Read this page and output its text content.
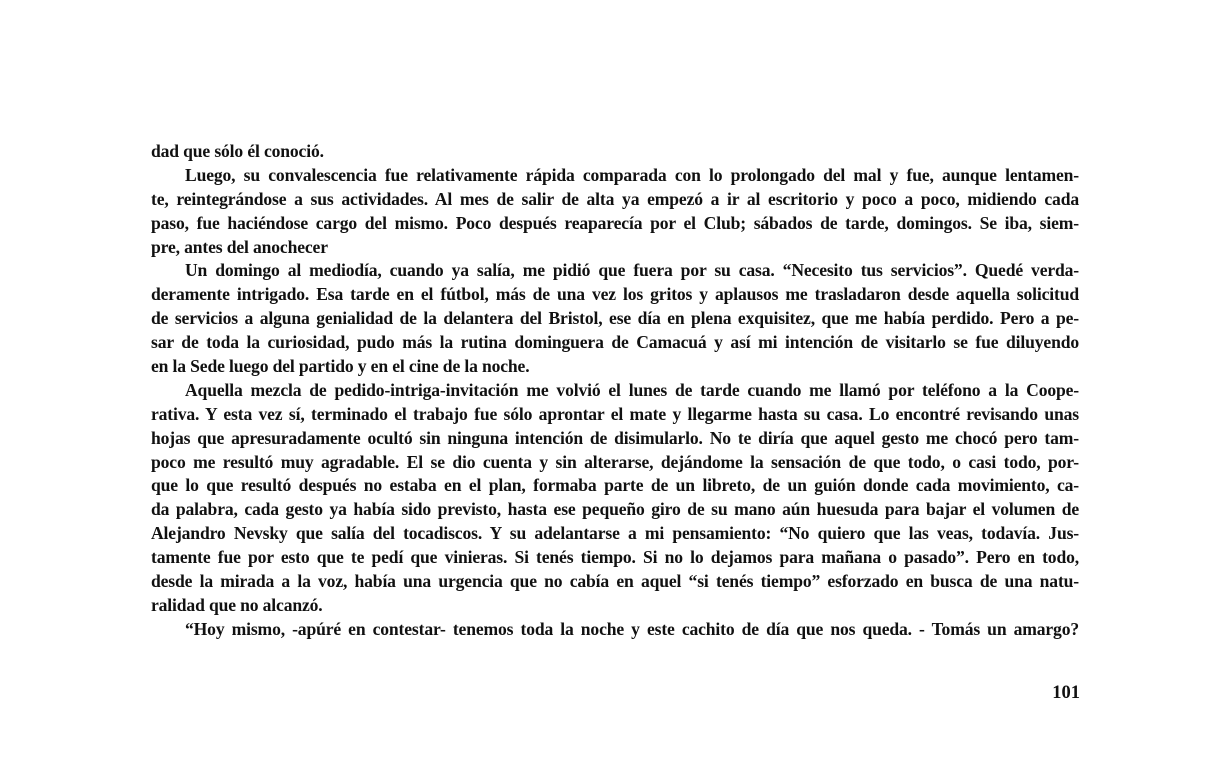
dad que sólo él conoció.
Luego, su convalescencia fue relativamente rápida comparada con lo prolongado del mal y fue, aunque lentamen-
te, reintegrándose a sus actividades. Al mes de salir de alta ya empezó a ir al escritorio y poco a poco, midiendo cada
paso, fue haciéndose cargo del mismo. Poco después reaparecía por el Club; sábados de tarde, domingos. Se iba, siem-
pre, antes del anochecer
Un domingo al mediodía, cuando ya salía, me pidió que fuera por su casa. “Necesito tus servicios”. Quedé verda-
deramente intrigado. Esa tarde en el fútbol, más de una vez los gritos y aplausos me trasladaron desde aquella solicitud
de servicios a alguna genialidad de la delantera del Bristol, ese día en plena exquisitez, que me había perdido. Pero a pe-
sar de toda la curiosidad, pudo más la rutina dominguera de Camacuá y así mi intención de visitarlo se fue diluyendo
en la Sede luego del partido y en el cine de la noche.
Aquella mezcla de pedido-intriga-invitación me volvió el lunes de tarde cuando me llamó por teléfono a la Coope-
rativa. Y esta vez sí, terminado el trabajo fue sólo aprontar el mate y llegarme hasta su casa. Lo encontré revisando unas
hojas que apresuradamente ocultó sin ninguna intención de disimularlo. No te diría que aquel gesto me chocó pero tam-
poco me resultó muy agradable. El se dio cuenta y sin alterarse, dejándome la sensación de que todo, o casi todo, por-
que lo que resultó después no estaba en el plan, formaba parte de un libreto, de un guión donde cada movimiento, ca-
da palabra, cada gesto ya había sido previsto, hasta ese pequeño giro de su mano aún huesuda para bajar el volumen de
Alejandro Nevsky que salía del tocadiscos. Y su adelantarse a mi pensamiento: “No quiero que las veas, todavía. Jus-
tamente fue por esto que te pedí que vinieras. Si tenés tiempo. Si no lo dejamos para mañana o pasado”. Pero en todo,
desde la mirada a la voz, había una urgencia que no cabía en aquel “si tenés tiempo” esforzado en busca de una natu-
ralidad que no alcanzó.
“Hoy mismo, -apúré en contestar- tenemos toda la noche y este cachito de día que nos queda. - Tomás un amargo?
101
